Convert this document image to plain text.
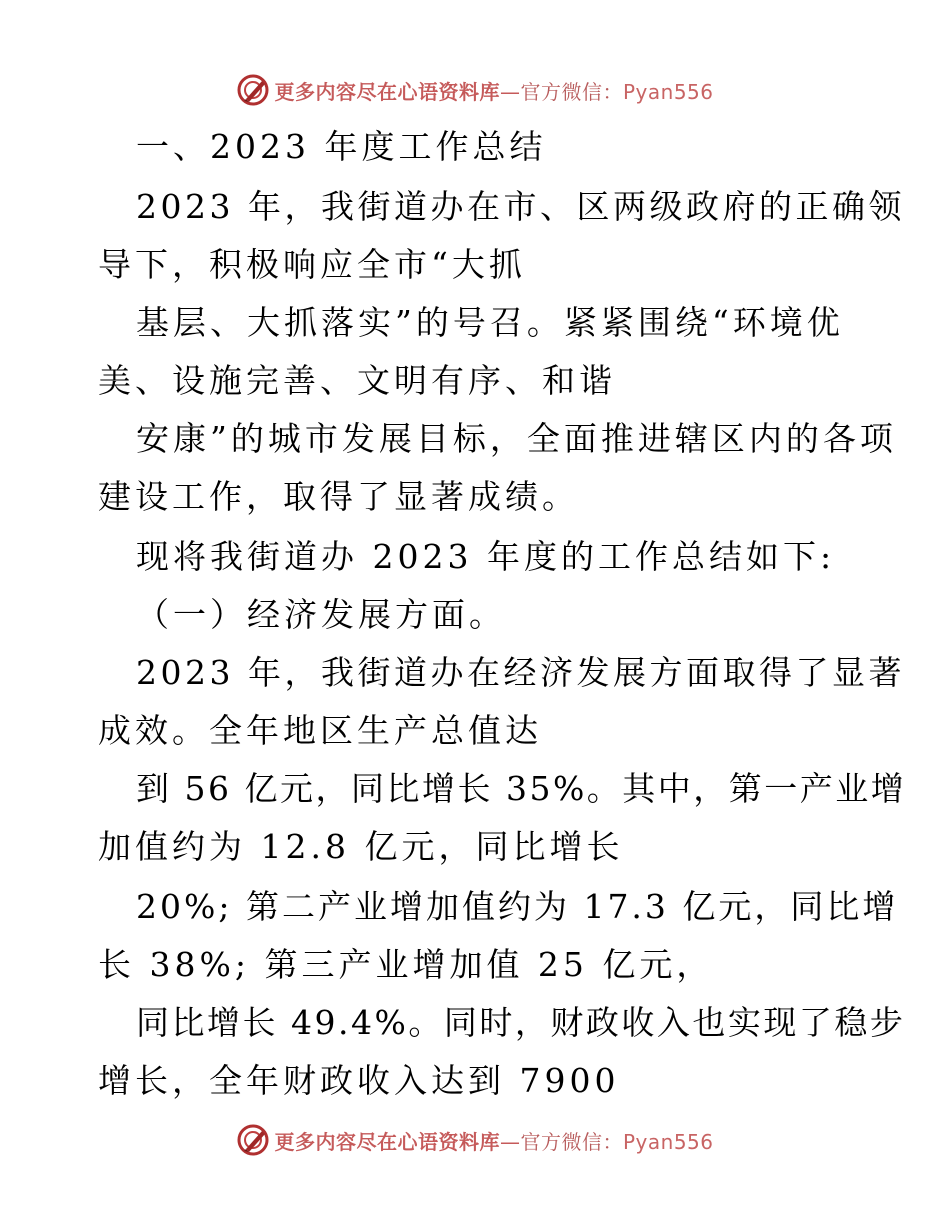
更多内容尽在心语资料库—官方微信：Pyan556
一、2023 年度工作总结
2023 年，我街道办在市、区两级政府的正确领
导下，积极响应全市“大抓
基层、大抓落实”的号召。紧紧围绕“环境优
美、设施完善、文明有序、和谐
安康”的城市发展目标，全面推进辖区内的各项
建设工作，取得了显著成绩。
现将我街道办 2023 年度的工作总结如下:
（一）经济发展方面。
2023 年，我街道办在经济发展方面取得了显著
成效。全年地区生产总值达
到 56 亿元，同比增长 35%。其中，第一产业增
加值约为 12.8 亿元，同比增长
20%; 第二产业增加值约为 17.3 亿元，同比增
长 38%; 第三产业增加值 25 亿元，
同比增长 49.4%。同时，财政收入也实现了稳步
增长，全年财政收入达到 7900
更多内容尽在心语资料库—官方微信：Pyan556
